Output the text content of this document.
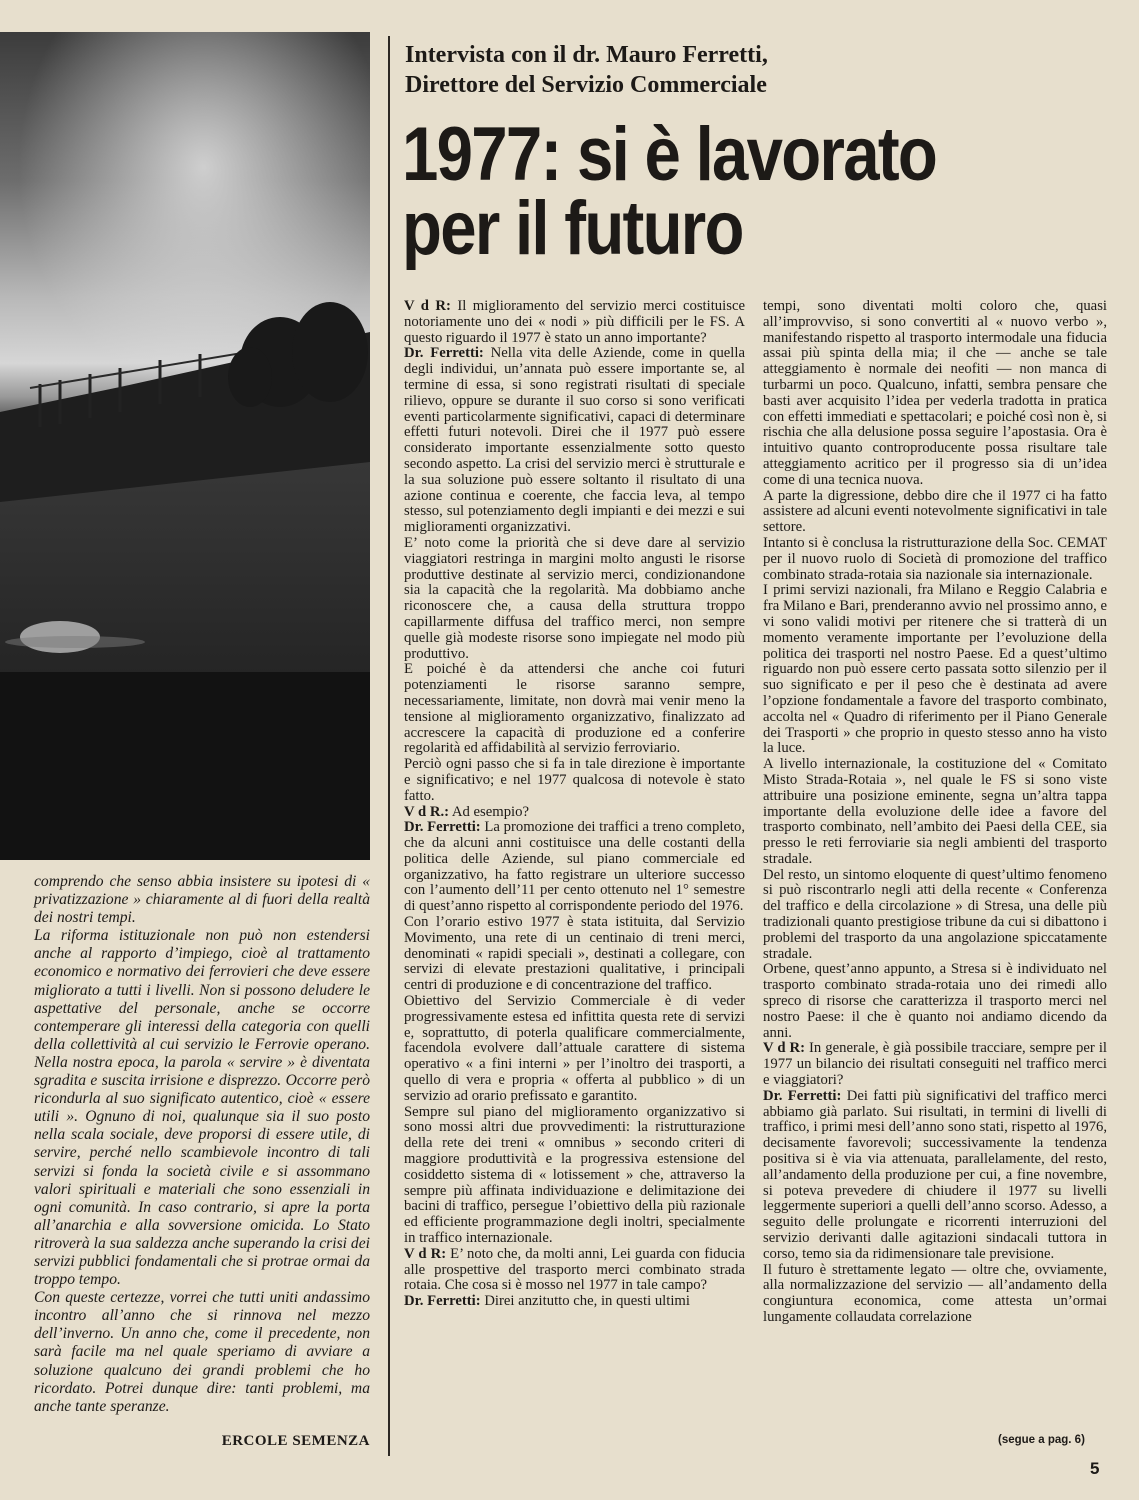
comprendo che senso abbia insistere su ipotesi di « privatizzazione » chiaramente al di fuori della realtà dei nostri tempi.

La riforma istituzionale non può non estendersi anche al rapporto d’impiego, cioè al trattamento economico e normativo dei ferrovieri che deve essere migliorato a tutti i livelli. Non si possono deludere le aspettative del personale, anche se occorre contemperare gli interessi della categoria con quelli della collettività al cui servizio le Ferrovie operano. Nella nostra epoca, la parola « servire » è diventata sgradita e suscita irrisione e disprezzo. Occorre però ricondurla al suo significato autentico, cioè « essere utili ». Ognuno di noi, qualunque sia il suo posto nella scala sociale, deve proporsi di essere utile, di servire, perché nello scambievole incontro di tali servizi si fonda la società civile e si assommano valori spirituali e materiali che sono essenziali in ogni comunità. In caso contrario, si apre la porta all’anarchia e alla sovversione omicida. Lo Stato ritroverà la sua saldezza anche superando la crisi dei servizi pubblici fondamentali che si protrae ormai da troppo tempo.

Con queste certezze, vorrei che tutti uniti andassimo incontro all’anno che si rinnova nel mezzo dell’inverno. Un anno che, come il precedente, non sarà facile ma nel quale speriamo di avviare a soluzione qualcuno dei grandi problemi che ho ricordato. Potrei dunque dire: tanti problemi, ma anche tante speranze.

ERCOLE SEMENZA
Intervista con il dr. Mauro Ferretti,
Direttore del Servizio Commerciale
1977: si è lavorato
per il futuro

V d R: Il miglioramento del servizio merci costituisce notoriamente uno dei « nodi » più difficili per le FS. A questo riguardo il 1977 è stato un anno importante?

Dr. Ferretti: Nella vita delle Aziende, come in quella degli individui, un’annata può essere importante se, al termine di essa, si sono registrati risultati di speciale rilievo, oppure se durante il suo corso si sono verificati eventi particolarmente significativi, capaci di determinare effetti futuri notevoli. Direi che il 1977 può essere considerato importante essenzialmente sotto questo secondo aspetto. La crisi del servizio merci è strutturale e la sua soluzione può essere soltanto il risultato di una azione continua e coerente, che faccia leva, al tempo stesso, sul potenziamento degli impianti e dei mezzi e sui miglioramenti organizzativi.

E’ noto come la priorità che si deve dare al servizio viaggiatori restringa in margini molto angusti le risorse produttive destinate al servizio merci, condizionandone sia la capacità che la regolarità. Ma dobbiamo anche riconoscere che, a causa della struttura troppo capillarmente diffusa del traffico merci, non sempre quelle già modeste risorse sono impiegate nel modo più produttivo.

E poiché è da attendersi che anche coi futuri potenziamenti le risorse saranno sempre, necessariamente, limitate, non dovrà mai venir meno la tensione al miglioramento organizzativo, finalizzato ad accrescere la capacità di produzione ed a conferire regolarità ed affidabilità al servizio ferroviario.

Perciò ogni passo che si fa in tale direzione è importante e significativo; e nel 1977 qualcosa di notevole è stato fatto.

V d R.: Ad esempio?

Dr. Ferretti: La promozione dei traffici a treno completo, che da alcuni anni costituisce una delle costanti della politica delle Aziende, sul piano commerciale ed organizzativo, ha fatto registrare un ulteriore successo con l’aumento dell’11 per cento ottenuto nel 1° semestre di quest’anno rispetto al corrispondente periodo del 1976.

Con l’orario estivo 1977 è stata istituita, dal Servizio Movimento, una rete di un centinaio di treni merci, denominati « rapidi speciali », destinati a collegare, con servizi di elevate prestazioni qualitative, i principali centri di produzione e di concentrazione del traffico.

Obiettivo del Servizio Commerciale è di veder progressivamente estesa ed infittita questa rete di servizi e, soprattutto, di poterla qualificare commercialmente, facendola evolvere dall’attuale carattere di sistema operativo « a fini interni » per l’inoltro dei trasporti, a quello di vera e propria « offerta al pubblico » di un servizio ad orario prefissato e garantito.

Sempre sul piano del miglioramento organizzativo si sono mossi altri due provvedimenti: la ristrutturazione della rete dei treni « omnibus » secondo criteri di maggiore produttività e la progressiva estensione del cosiddetto sistema di « lotissement » che, attraverso la sempre più affinata individuazione e delimitazione dei bacini di traffico, persegue l’obiettivo della più razionale ed efficiente programmazione degli inoltri, specialmente in traffico internazionale.

V d R: E’ noto che, da molti anni, Lei guarda con fiducia alle prospettive del trasporto merci combinato strada rotaia. Che cosa si è mosso nel 1977 in tale campo?

Dr. Ferretti: Direi anzitutto che, in questi ultimi

tempi, sono diventati molti coloro che, quasi all’improvviso, si sono convertiti al « nuovo verbo », manifestando rispetto al trasporto intermodale una fiducia assai più spinta della mia; il che — anche se tale atteggiamento è normale dei neofiti — non manca di turbarmi un poco. Qualcuno, infatti, sembra pensare che basti aver acquisito l’idea per vederla tradotta in pratica con effetti immediati e spettacolari; e poiché così non è, si rischia che alla delusione possa seguire l’apostasia. Ora è intuitivo quanto controproducente possa risultare tale atteggiamento acritico per il progresso sia di un’idea come di una tecnica nuova.

A parte la digressione, debbo dire che il 1977 ci ha fatto assistere ad alcuni eventi notevolmente significativi in tale settore.

Intanto si è conclusa la ristrutturazione della Soc. CEMAT per il nuovo ruolo di Società di promozione del traffico combinato strada-rotaia sia nazionale sia internazionale.

I primi servizi nazionali, fra Milano e Reggio Calabria e fra Milano e Bari, prenderanno avvio nel prossimo anno, e vi sono validi motivi per ritenere che si tratterà di un momento veramente importante per l’evoluzione della politica dei trasporti nel nostro Paese. Ed a quest’ultimo riguardo non può essere certo passata sotto silenzio per il suo significato e per il peso che è destinata ad avere l’opzione fondamentale a favore del trasporto combinato, accolta nel « Quadro di riferimento per il Piano Generale dei Trasporti » che proprio in questo stesso anno ha visto la luce.

A livello internazionale, la costituzione del « Comitato Misto Strada-Rotaia », nel quale le FS si sono viste attribuire una posizione eminente, segna un’altra tappa importante della evoluzione delle idee a favore del trasporto combinato, nell’ambito dei Paesi della CEE, sia presso le reti ferroviarie sia negli ambienti del trasporto stradale.

Del resto, un sintomo eloquente di quest’ultimo fenomeno si può riscontrarlo negli atti della recente « Conferenza del traffico e della circolazione » di Stresa, una delle più tradizionali quanto prestigiose tribune da cui si dibattono i problemi del trasporto da una angolazione spiccatamente stradale.

Orbene, quest’anno appunto, a Stresa si è individuato nel trasporto combinato strada-rotaia uno dei rimedi allo spreco di risorse che caratterizza il trasporto merci nel nostro Paese: il che è quanto noi andiamo dicendo da anni.

V d R: In generale, è già possibile tracciare, sempre per il 1977 un bilancio dei risultati conseguiti nel traffico merci e viaggiatori?

Dr. Ferretti: Dei fatti più significativi del traffico merci abbiamo già parlato. Sui risultati, in termini di livelli di traffico, i primi mesi dell’anno sono stati, rispetto al 1976, decisamente favorevoli; successivamente la tendenza positiva si è via via attenuata, parallelamente, del resto, all’andamento della produzione per cui, a fine novembre, si poteva prevedere di chiudere il 1977 su livelli leggermente superiori a quelli dell’anno scorso. Adesso, a seguito delle prolungate e ricorrenti interruzioni del servizio derivanti dalle agitazioni sindacali tuttora in corso, temo sia da ridimensionare tale previsione.

Il futuro è strettamente legato — oltre che, ovviamente, alla normalizzazione del servizio — all’andamento della congiuntura economica, come attesta un’ormai lungamente collaudata correlazione

(segue a pag. 6)
5
